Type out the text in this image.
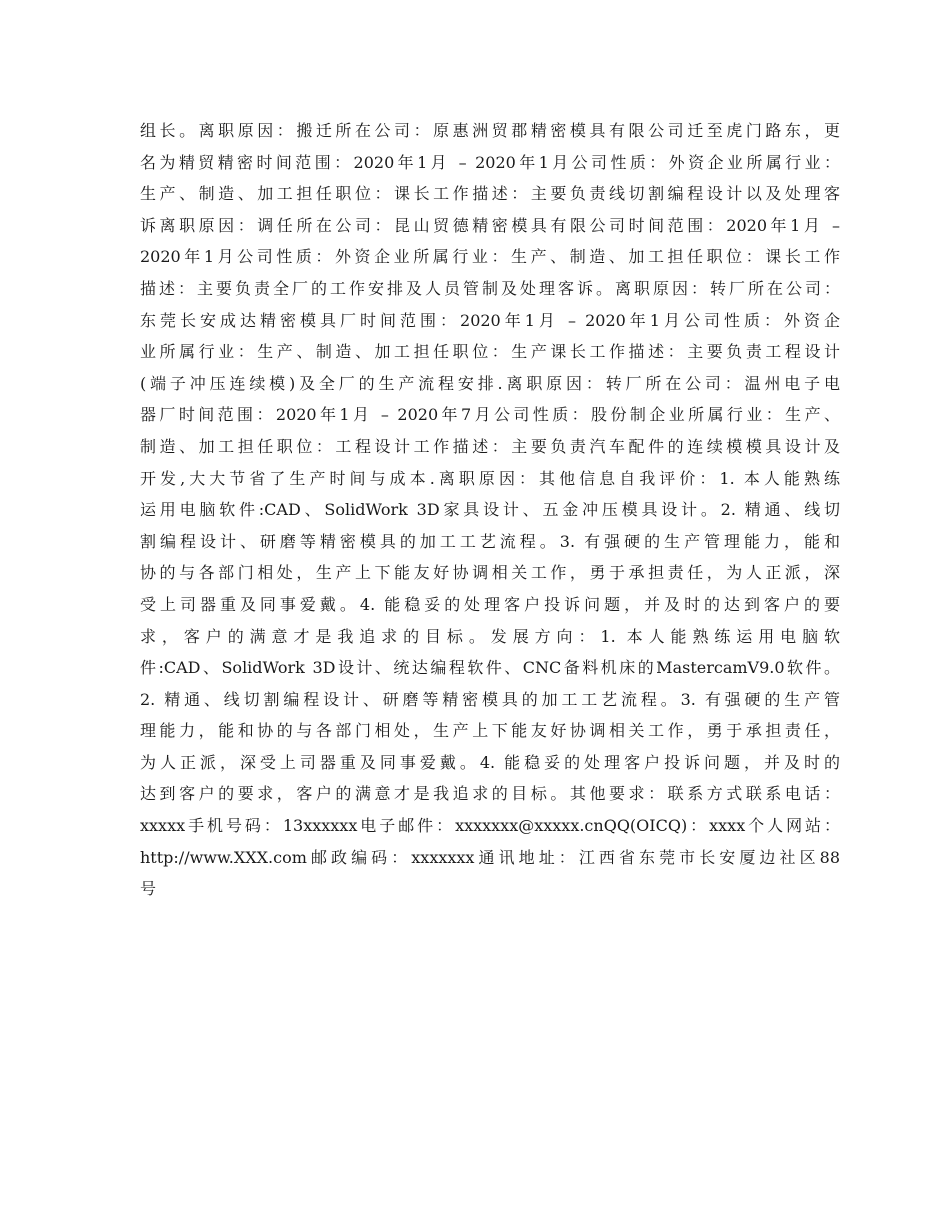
组长。离职原因：搬迁所在公司：原惠洲贸郡精密模具有限公司迁至虎门路东，更
名为精贸精密时间范围：2020年1月 – 2020年1月公司性质：外资企业所属行业：
生产、制造、加工担任职位：课长工作描述：主要负责线切割编程设计以及处理客
诉离职原因：调任所在公司：昆山贸德精密模具有限公司时间范围：2020年1月 –
2020年1月公司性质：外资企业所属行业：生产、制造、加工担任职位：课长工作
描述：主要负责全厂的工作安排及人员管制及处理客诉。离职原因：转厂所在公司：
东莞长安成达精密模具厂时间范围：2020年1月 – 2020年1月公司性质：外资企
业所属行业：生产、制造、加工担任职位：生产课长工作描述：主要负责工程设计
(端子冲压连续模)及全厂的生产流程安排.离职原因：转厂所在公司：温州电子电
器厂时间范围：2020年1月 – 2020年7月公司性质：股份制企业所属行业：生产、
制造、加工担任职位：工程设计工作描述：主要负责汽车配件的连续模模具设计及
开发,大大节省了生产时间与成本.离职原因：其他信息自我评价：1. 本人能熟练
运用电脑软件:CAD、SolidWork 3D家具设计、五金冲压模具设计。2. 精通、线切
割编程设计、研磨等精密模具的加工工艺流程。3. 有强硬的生产管理能力，能和
协的与各部门相处，生产上下能友好协调相关工作，勇于承担责任，为人正派，深
受上司器重及同事爱戴。4. 能稳妥的处理客户投诉问题，并及时的达到客户的要
求，客户的满意才是我追求的目标。发展方向：1. 本人能熟练运用电脑软
件:CAD、SolidWork 3D设计、统达编程软件、CNC备料机床的MastercamV9.0软件。
2. 精通、线切割编程设计、研磨等精密模具的加工工艺流程。3. 有强硬的生产管
理能力，能和协的与各部门相处，生产上下能友好协调相关工作，勇于承担责任，
为人正派，深受上司器重及同事爱戴。4. 能稳妥的处理客户投诉问题，并及时的
达到客户的要求，客户的满意才是我追求的目标。其他要求：联系方式联系电话：
xxxxx手机号码：13xxxxxx电子邮件：xxxxxxx@xxxxx.cnQQ(OICQ)：xxxx个人网站：
http://www.XXX.com邮政编码：xxxxxxx通讯地址：江西省东莞市长安厦边社区88
号
